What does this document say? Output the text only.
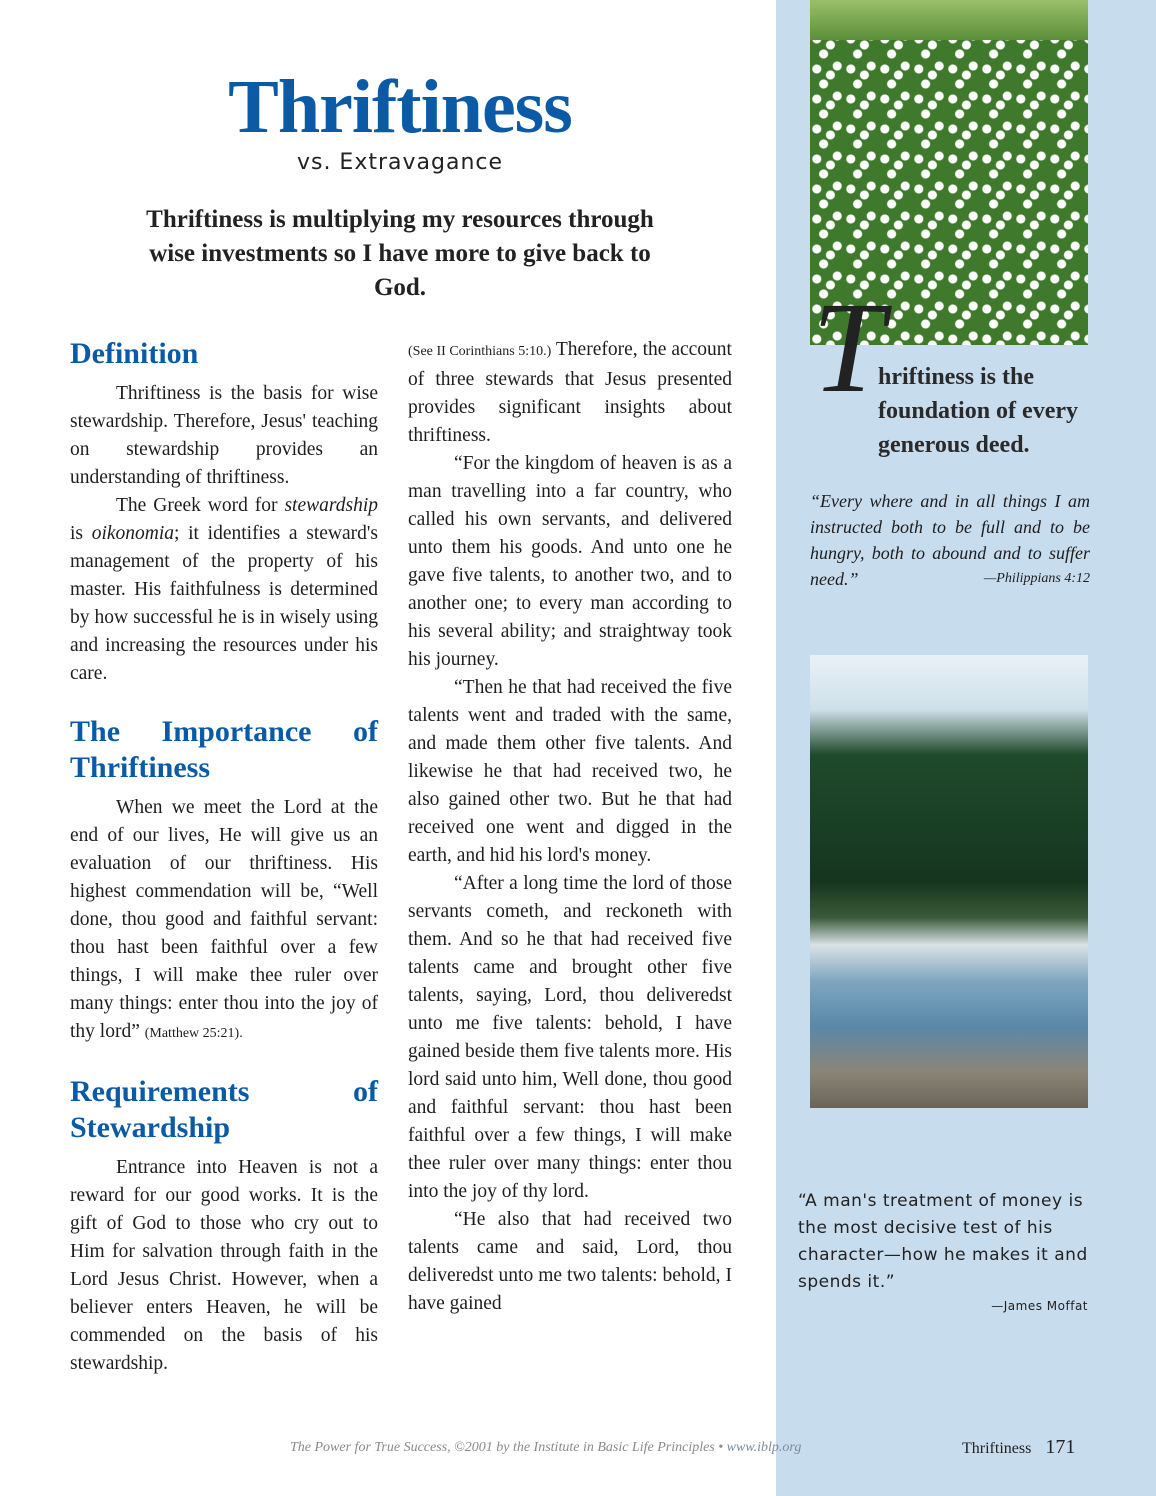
Thriftiness
vs. Extravagance
Thriftiness is multiplying my resources through wise investments so I have more to give back to God.
Definition

Thriftiness is the basis for wise stewardship. Therefore, Jesus' teaching on stewardship provides an understanding of thriftiness.

The Greek word for stewardship is oikonomia; it identifies a steward's management of the property of his master. His faithfulness is determined by how successful he is in wisely using and increasing the resources under his care.

The Importance of Thriftiness

When we meet the Lord at the end of our lives, He will give us an evaluation of our thriftiness. His highest commendation will be, “Well done, thou good and faithful servant: thou hast been faithful over a few things, I will make thee ruler over many things: enter thou into the joy of thy lord” (Matthew 25:21).

Requirements of Stewardship

Entrance into Heaven is not a reward for our good works. It is the gift of God to those who cry out to Him for salvation through faith in the Lord Jesus Christ. However, when a believer enters Heaven, he will be commended on the basis of his stewardship.

(See II Corinthians 5:10.) Therefore, the account of three stewards that Jesus presented provides significant insights about thriftiness.

“For the kingdom of heaven is as a man travelling into a far country, who called his own servants, and delivered unto them his goods. And unto one he gave five talents, to another two, and to another one; to every man according to his several ability; and straightway took his journey.

“Then he that had received the five talents went and traded with the same, and made them other five talents. And likewise he that had received two, he also gained other two. But he that had received one went and digged in the earth, and hid his lord's money.

“After a long time the lord of those servants cometh, and reckoneth with them. And so he that had received five talents came and brought other five talents, saying, Lord, thou deliveredst unto me five talents: behold, I have gained beside them five talents more. His lord said unto him, Well done, thou good and faithful servant: thou hast been faithful over a few things, I will make thee ruler over many things: enter thou into the joy of thy lord.

“He also that had received two talents came and said, Lord, thou deliveredst unto me two talents: behold, I have gained

T
hriftiness is the foundation of every generous deed.
“Every where and in all things I am instructed both to be full and to be hungry, both to abound and to suffer need.”	—Philippians 4:12
“A man's treatment of money is the most decisive test of his character—how he makes it and spends it.”
—James Moffat
The Power for True Success, ©2001 by the Institute in Basic Life Principles • www.iblp.org	Thriftiness 171
